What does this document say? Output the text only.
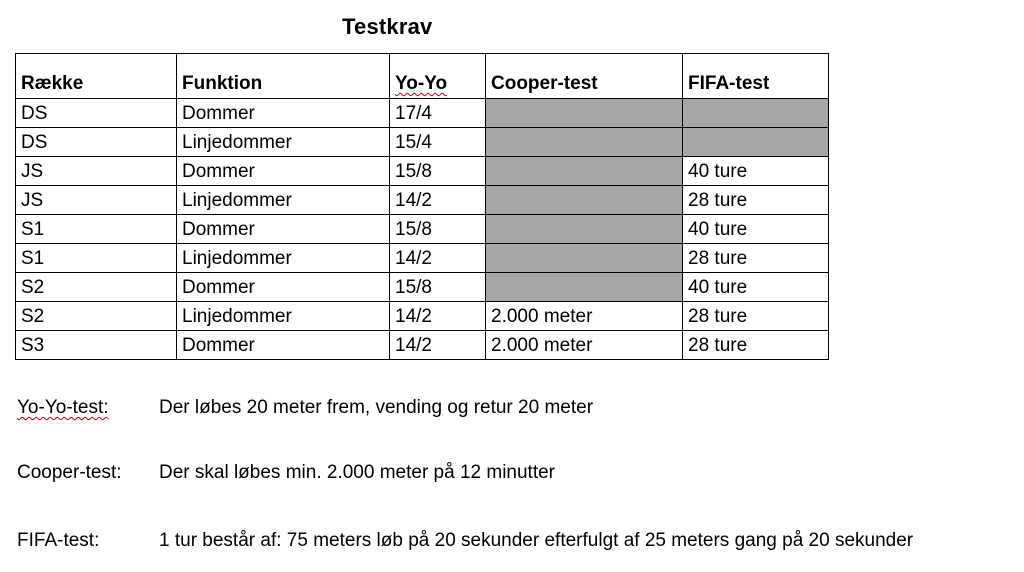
Testkrav
Række	Funktion	Yo-Yo	Cooper-test	FIFA-test
DS	Dommer	17/4		
DS	Linjedommer	15/4		
JS	Dommer	15/8		40 ture
JS	Linjedommer	14/2		28 ture
S1	Dommer	15/8		40 ture
S1	Linjedommer	14/2		28 ture
S2	Dommer	15/8		40 ture
S2	Linjedommer	14/2	2.000 meter	28 ture
S3	Dommer	14/2	2.000 meter	28 ture
Yo-Yo-test:	Der løbes 20 meter frem, vending og retur 20 meter
Cooper-test: Der skal løbes min. 2.000 meter på 12 minutter
FIFA-test:	1 tur består af: 75 meters løb på 20 sekunder efterfulgt af 25 meters gang på 20 sekunder
